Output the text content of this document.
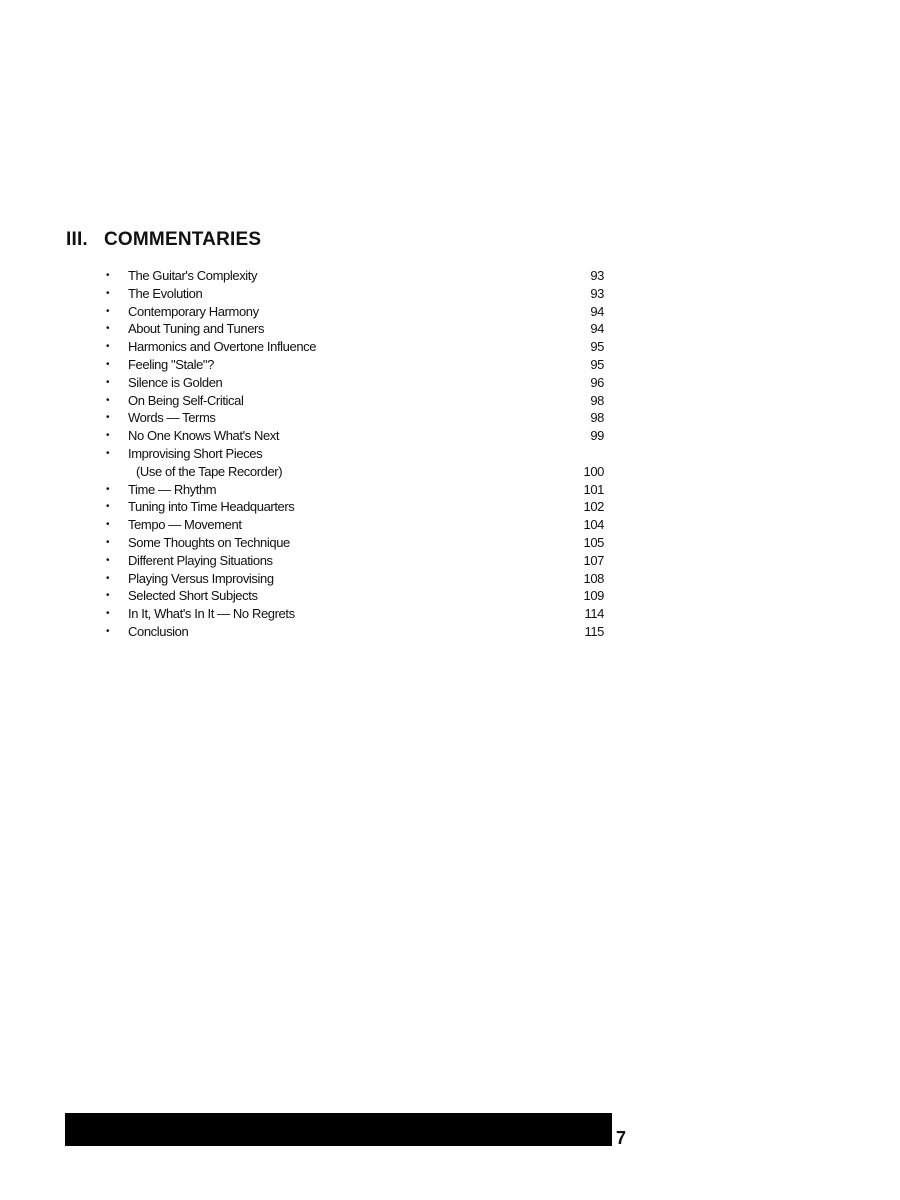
III. COMMENTARIES
•	The Guitar's Complexity	93
•	The Evolution	93
•	Contemporary Harmony	94
•	About Tuning and Tuners	94
•	Harmonics and Overtone Influence	95
•	Feeling "Stale"?	95
•	Silence is Golden	96
•	On Being Self-Critical	98
•	Words — Terms	98
•	No One Knows What's Next	99
•	Improvising Short Pieces
(Use of the Tape Recorder)	100
•	Time — Rhythm	101
•	Tuning into Time Headquarters	102
•	Tempo — Movement	104
•	Some Thoughts on Technique	105
•	Different Playing Situations	107
•	Playing Versus Improvising	108
•	Selected Short Subjects	109
•	In It, What's In It — No Regrets	114
•	Conclusion	115
7
